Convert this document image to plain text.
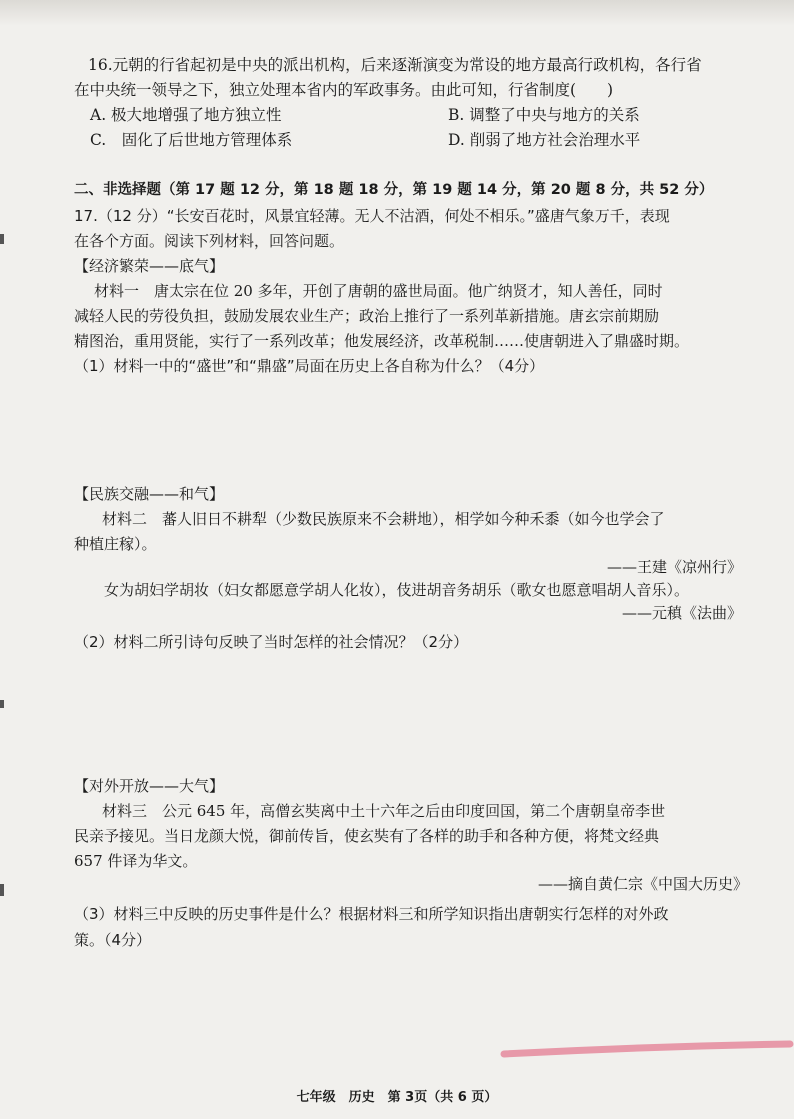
16.元朝的行省起初是中央的派出机构，后来逐渐演变为常设的地方最高行政机构，各行省
在中央统一领导之下，独立处理本省内的军政事务。由此可知，行省制度(　　)
A. 极大地增强了地方独立性	B. 调整了中央与地方的关系
C.　固化了后世地方管理体系	D. 削弱了地方社会治理水平
二、非选择题（第 17 题 12 分，第 18 题 18 分，第 19 题 14 分，第 20 题 8 分，共 52 分）
17.（12 分）“长安百花时，风景宜轻薄。无人不沽酒，何处不相乐。”盛唐气象万千，表现
在各个方面。阅读下列材料，回答问题。
【经济繁荣——底气】
材料一　唐太宗在位 20 多年，开创了唐朝的盛世局面。他广纳贤才，知人善任，同时
减轻人民的劳役负担，鼓励发展农业生产；政治上推行了一系列革新措施。唐玄宗前期励
精图治，重用贤能，实行了一系列改革；他发展经济，改革税制……使唐朝进入了鼎盛时期。
（1）材料一中的“盛世”和“鼎盛”局面在历史上各自称为什么？（4分）
【民族交融——和气】
材料二　蕃人旧日不耕犁（少数民族原来不会耕地），相学如今种禾黍（如今也学会了
种植庄稼）。
——王建《凉州行》
女为胡妇学胡妆（妇女都愿意学胡人化妆），伎进胡音务胡乐（歌女也愿意唱胡人音乐）。
——元稹《法曲》
（2）材料二所引诗句反映了当时怎样的社会情况？（2分）
【对外开放——大气】
材料三　公元 645 年，高僧玄奘离中土十六年之后由印度回国，第二个唐朝皇帝李世
民亲予接见。当日龙颜大悦，御前传旨，使玄奘有了各样的助手和各种方便，将梵文经典
657 件译为华文。
——摘自黄仁宗《中国大历史》
（3）材料三中反映的历史事件是什么？根据材料三和所学知识指出唐朝实行怎样的对外政
策。（4分）
七年级　历史　第 3页（共 6 页）
